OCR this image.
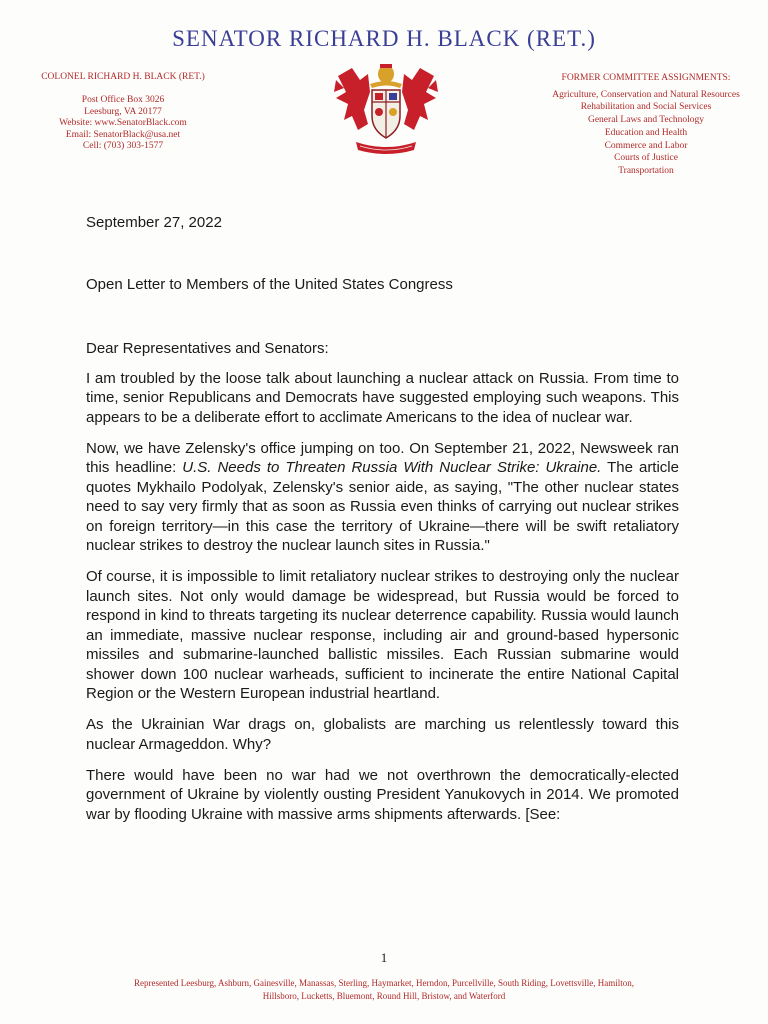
SENATOR RICHARD H. BLACK (RET.)
COLONEL RICHARD H. BLACK (RET.)
Post Office Box 3026
Leesburg, VA 20177
Website: www.SenatorBlack.com
Email: SenatorBlack@usa.net
Cell: (703) 303-1577
FORMER COMMITTEE ASSIGNMENTS:
Agriculture, Conservation and Natural Resources
Rehabilitation and Social Services
General Laws and Technology
Education and Health
Commerce and Labor
Courts of Justice
Transportation
September 27, 2022
Open Letter to Members of the United States Congress

Dear Representatives and Senators:

I am troubled by the loose talk about launching a nuclear attack on Russia. From time to time, senior Republicans and Democrats have suggested employing such weapons. This appears to be a deliberate effort to acclimate Americans to the idea of nuclear war.

Now, we have Zelensky's office jumping on too. On September 21, 2022, Newsweek ran this headline: U.S. Needs to Threaten Russia With Nuclear Strike: Ukraine. The article quotes Mykhailo Podolyak, Zelensky's senior aide, as saying, "The other nuclear states need to say very firmly that as soon as Russia even thinks of carrying out nuclear strikes on foreign territory—in this case the territory of Ukraine—there will be swift retaliatory nuclear strikes to destroy the nuclear launch sites in Russia."

Of course, it is impossible to limit retaliatory nuclear strikes to destroying only the nuclear launch sites. Not only would damage be widespread, but Russia would be forced to respond in kind to threats targeting its nuclear deterrence capability. Russia would launch an immediate, massive nuclear response, including air and ground-based hypersonic missiles and submarine-launched ballistic missiles. Each Russian submarine would shower down 100 nuclear warheads, sufficient to incinerate the entire National Capital Region or the Western European industrial heartland.

As the Ukrainian War drags on, globalists are marching us relentlessly toward this nuclear Armageddon. Why?

There would have been no war had we not overthrown the democratically-elected government of Ukraine by violently ousting President Yanukovych in 2014. We promoted war by flooding Ukraine with massive arms shipments afterwards. [See:

1
Represented Leesburg, Ashburn, Gainesville, Manassas, Sterling, Haymarket, Herndon, Purcellville, South Riding, Lovettsville, Hamilton, Hillsboro, Lucketts, Bluemont, Round Hill, Bristow, and Waterford
